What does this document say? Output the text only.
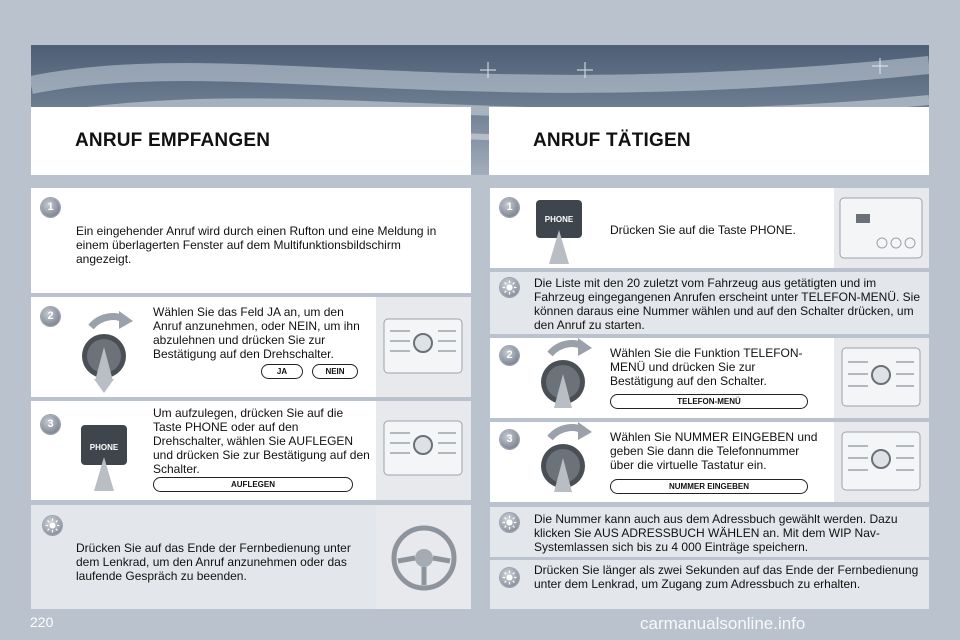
ANRUF EMPFANGEN	ANRUF TÄTIGEN
1
Ein eingehender Anruf wird durch einen Rufton und eine Meldung in einem überlagerten Fenster auf dem Multifunktionsbildschirm angezeigt.
2	Wählen Sie das Feld JA an, um den Anruf anzunehmen, oder NEIN, um ihn abzulehnen und drücken Sie zur Bestätigung auf den Drehschalter.
JA	NEIN
3
PHONE
Um aufzulegen, drücken Sie auf die Taste PHONE oder auf den Drehschalter, wählen Sie AUFLEGEN und drücken Sie zur Bestätigung auf den Schalter.
AUFLEGEN
Drücken Sie auf das Ende der Fernbedienung unter dem Lenkrad, um den Anruf anzunehmen oder das laufende Gespräch zu beenden.
1
PHONE
Drücken Sie auf die Taste PHONE.
Die Liste mit den 20 zuletzt vom Fahrzeug aus getätigten und im Fahrzeug eingegangenen Anrufen erscheint unter TELEFON-MENÜ. Sie können daraus eine Nummer wählen und auf den Schalter drücken, um den Anruf zu starten.
2	Wählen Sie die Funktion TELEFON-MENÜ und drücken Sie zur Bestätigung auf den Schalter.
TELEFON-MENÜ
3	Wählen Sie NUMMER EINGEBEN und geben Sie dann die Telefonnummer über die virtuelle Tastatur ein.
NUMMER EINGEBEN
Die Nummer kann auch aus dem Adressbuch gewählt werden. Dazu klicken Sie AUS ADRESSBUCH WÄHLEN an. Mit dem WIP Nav-Systemlassen sich bis zu 4 000 Einträge speichern.
Drücken Sie länger als zwei Sekunden auf das Ende der Fernbedienung unter dem Lenkrad, um Zugang zum Adressbuch zu erhalten.
220	carmanualsonline.info
